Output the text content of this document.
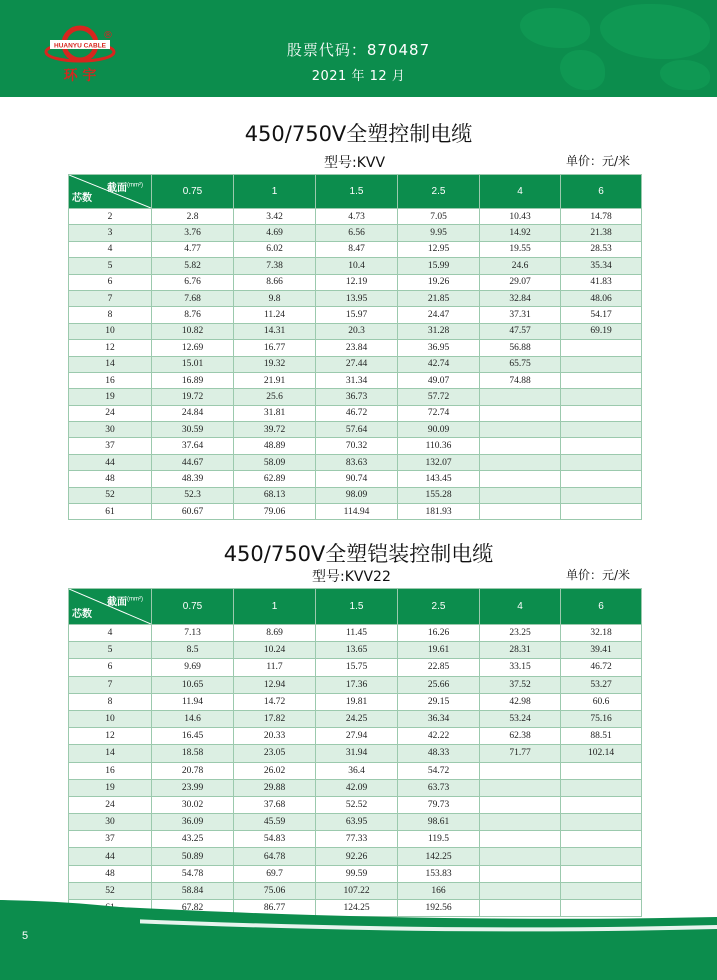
HUANYU CABLE
环 宇
®
股票代码：870487
2021 年 12 月
450/750V全塑控制电缆
型号:KVV	单价：元/米
截面$^{(mm^2)}$
芯数	0.75	1	1.5	2.5	4	6
2	2.8	3.42	4.73	7.05	10.43	14.78
3	3.76	4.69	6.56	9.95	14.92	21.38
4	4.77	6.02	8.47	12.95	19.55	28.53
5	5.82	7.38	10.4	15.99	24.6	35.34
6	6.76	8.66	12.19	19.26	29.07	41.83
7	7.68	9.8	13.95	21.85	32.84	48.06
8	8.76	11.24	15.97	24.47	37.31	54.17
10	10.82	14.31	20.3	31.28	47.57	69.19
12	12.69	16.77	23.84	36.95	56.88	
14	15.01	19.32	27.44	42.74	65.75	
16	16.89	21.91	31.34	49.07	74.88	
19	19.72	25.6	36.73	57.72		
24	24.84	31.81	46.72	72.74		
30	30.59	39.72	57.64	90.09		
37	37.64	48.89	70.32	110.36		
44	44.67	58.09	83.63	132.07		
48	48.39	62.89	90.74	143.45		
52	52.3	68.13	98.09	155.28		
61	60.67	79.06	114.94	181.93		
450/750V全塑铠装控制电缆
型号:KVV22	单价：元/米
截面$^{(mm^2)}$
芯数	0.75	1	1.5	2.5	4	6
4	7.13	8.69	11.45	16.26	23.25	32.18
5	8.5	10.24	13.65	19.61	28.31	39.41
6	9.69	11.7	15.75	22.85	33.15	46.72
7	10.65	12.94	17.36	25.66	37.52	53.27
8	11.94	14.72	19.81	29.15	42.98	60.6
10	14.6	17.82	24.25	36.34	53.24	75.16
12	16.45	20.33	27.94	42.22	62.38	88.51
14	18.58	23.05	31.94	48.33	71.77	102.14
16	20.78	26.02	36.4	54.72		
19	23.99	29.88	42.09	63.73		
24	30.02	37.68	52.52	79.73		
30	36.09	45.59	63.95	98.61		
37	43.25	54.83	77.33	119.5		
44	50.89	64.78	92.26	142.25		
48	54.78	69.7	99.59	153.83		
52	58.84	75.06	107.22	166		
	67.82	86.77	124.25	192.56		
5
